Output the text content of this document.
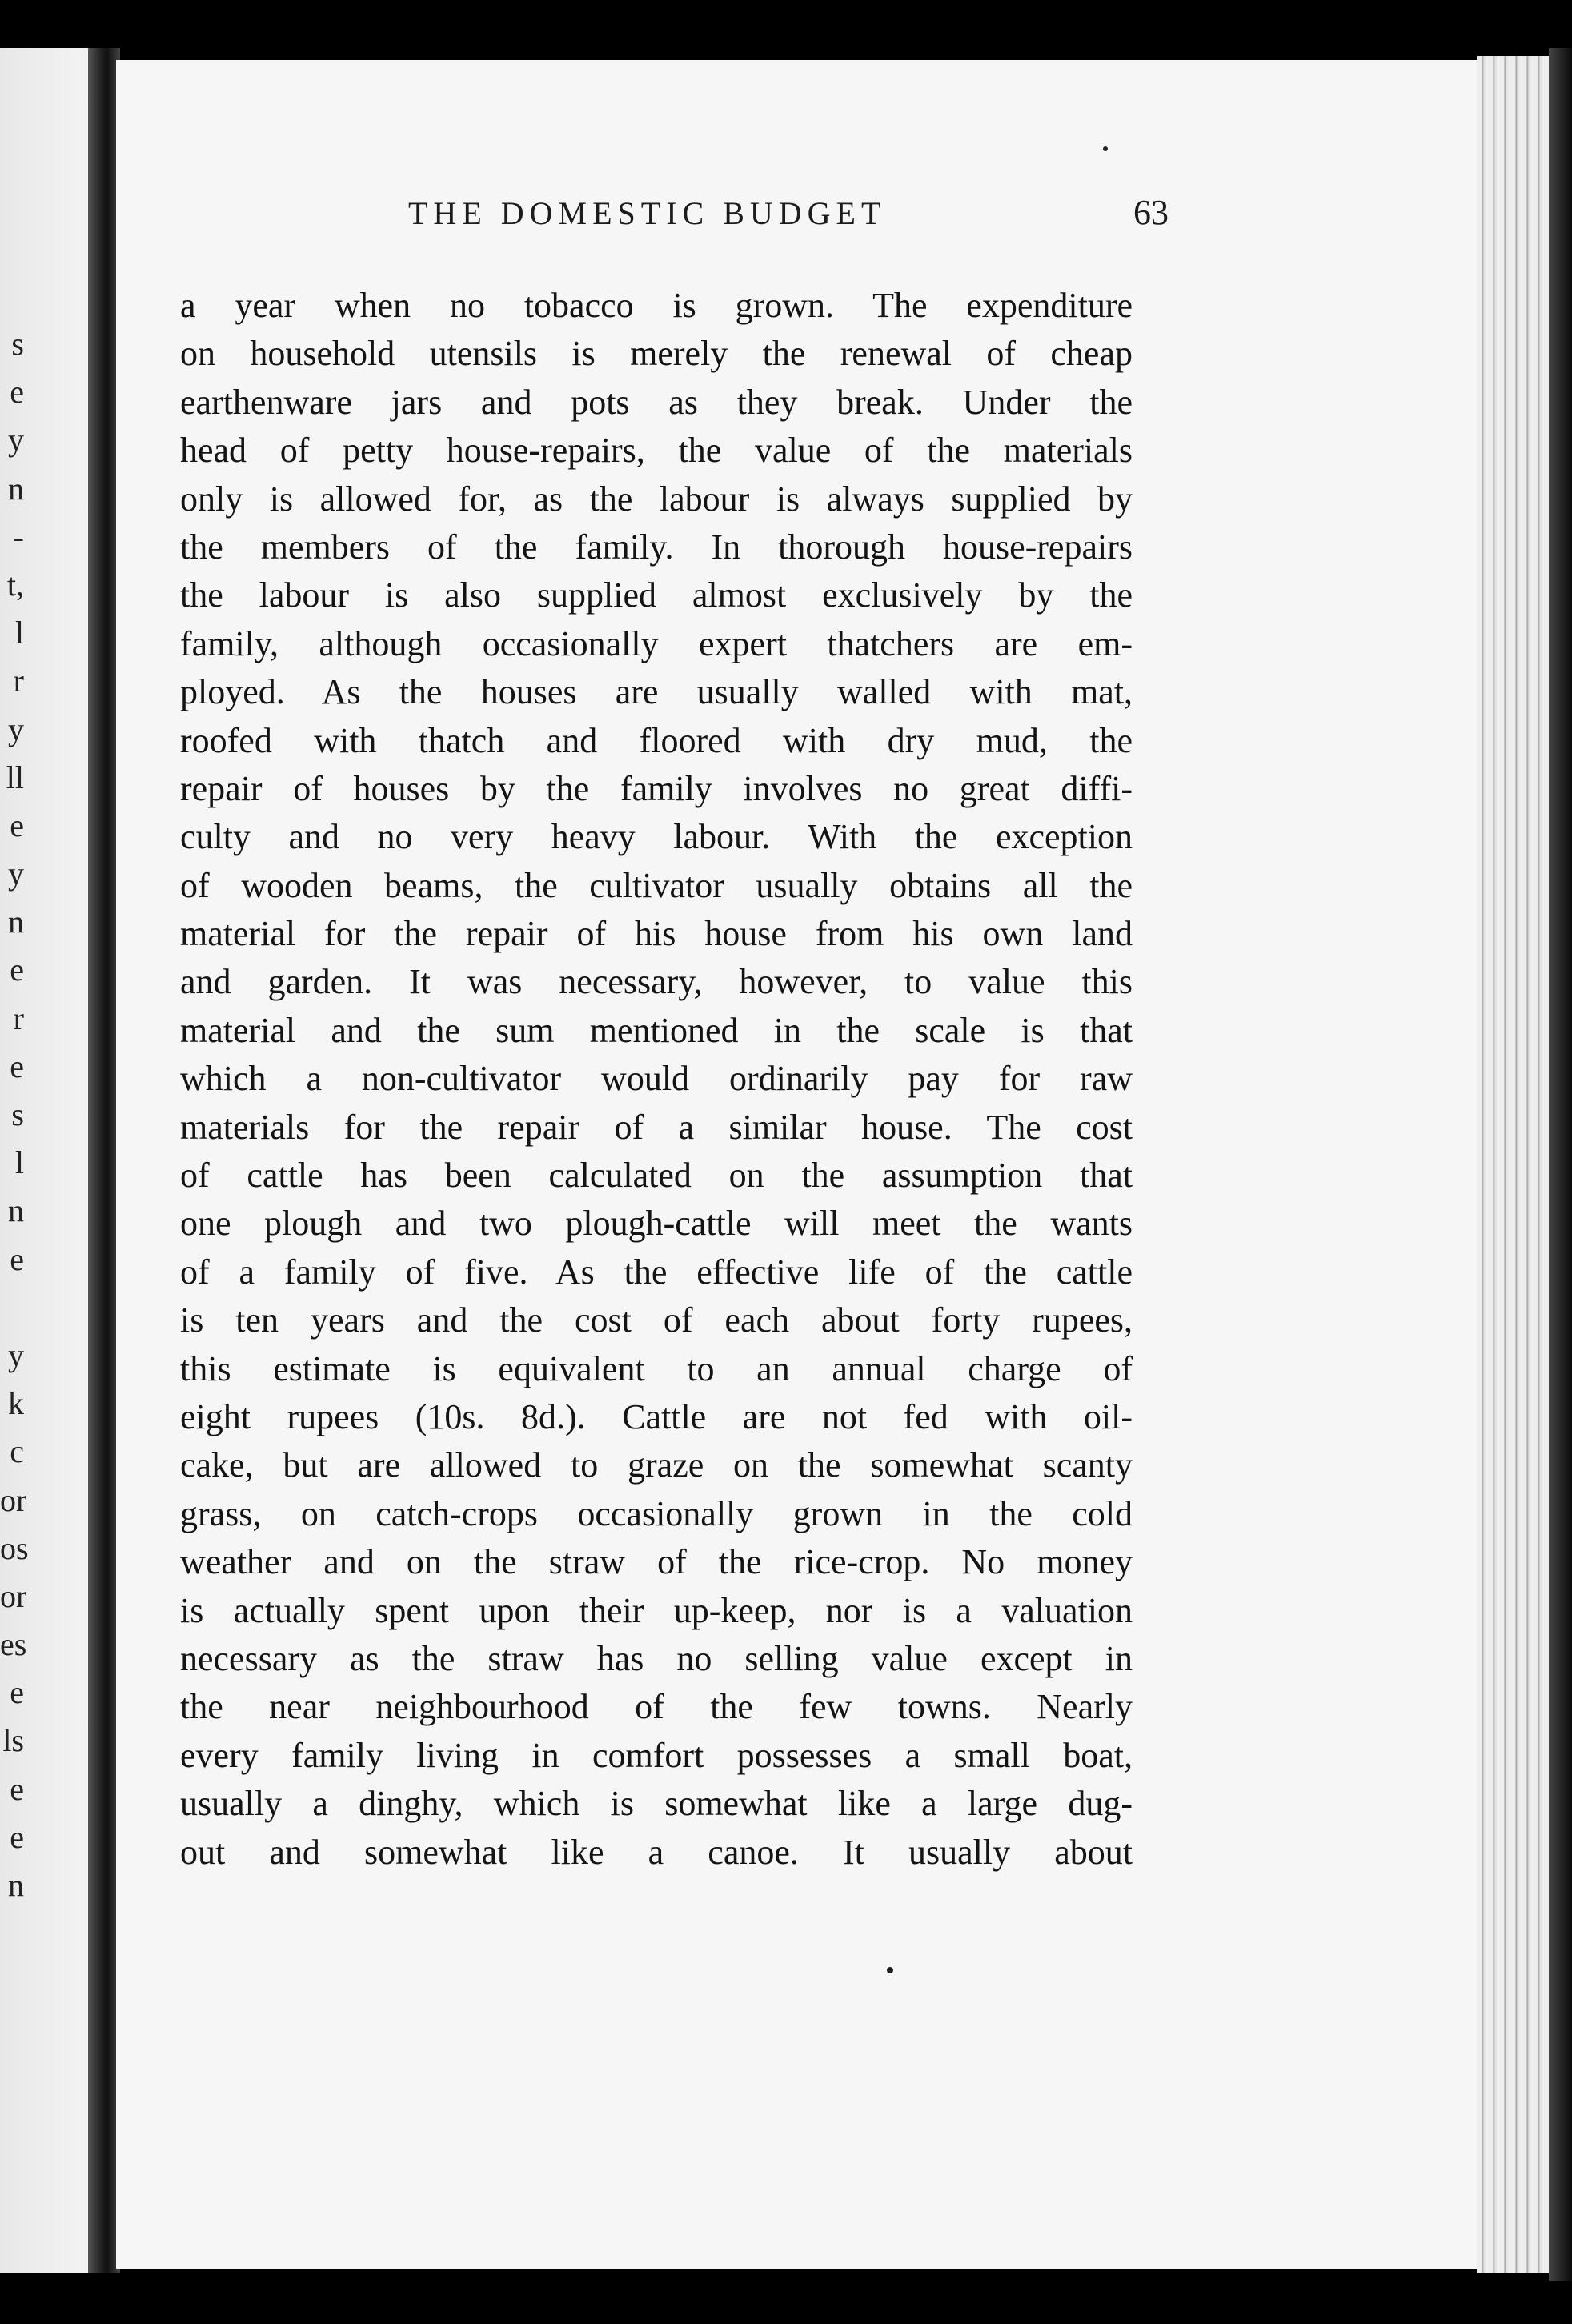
s
e
y
n
-
t,
l
r
y
ll
e
y
n
e
r
e
s
l
n
e
y
k
c
or
os
or
es
e
ls
e
e
n
THE DOMESTIC BUDGET	63
a year when no tobacco is grown. The expenditure
on household utensils is merely the renewal of cheap
earthenware jars and pots as they break. Under the
head of petty house-repairs, the value of the materials
only is allowed for, as the labour is always supplied by
the members of the family. In thorough house-repairs
the labour is also supplied almost exclusively by the
family, although occasionally expert thatchers are em-
ployed. As the houses are usually walled with mat,
roofed with thatch and floored with dry mud, the
repair of houses by the family involves no great diffi-
culty and no very heavy labour. With the exception
of wooden beams, the cultivator usually obtains all the
material for the repair of his house from his own land
and garden. It was necessary, however, to value this
material and the sum mentioned in the scale is that
which a non-cultivator would ordinarily pay for raw
materials for the repair of a similar house. The cost
of cattle has been calculated on the assumption that
one plough and two plough-cattle will meet the wants
of a family of five. As the effective life of the cattle
is ten years and the cost of each about forty rupees,
this estimate is equivalent to an annual charge of
eight rupees (10s. 8d.). Cattle are not fed with oil-
cake, but are allowed to graze on the somewhat scanty
grass, on catch-crops occasionally grown in the cold
weather and on the straw of the rice-crop. No money
is actually spent upon their up-keep, nor is a valuation
necessary as the straw has no selling value except in
the near neighbourhood of the few towns. Nearly
every family living in comfort possesses a small boat,
usually a dinghy, which is somewhat like a large dug-
out and somewhat like a canoe. It usually about
